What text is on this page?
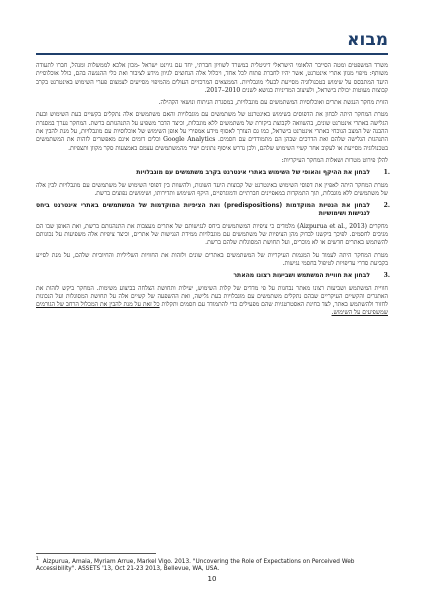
מבוא

משרד המשפטים ומטה הסייבר הלאומי הישראלי דיגיטלית במשרד לשוויון חברתי, יחד עם גיוינט ישראל -מכון אלכא לממשלות ומנהל, חברו לתעודה משותף: מיפוי מגוון אתרי אינטרנט, אשר יהיו לחברת פתוח לכל אחד, ויכלול אלה הנחוצים לגיוון מידע לציבור ואת כלי ההנגשה בהם, כולל אוכלוסיית היעד המתבסס על שימוש בטכנולוגיה מסייעת לבעלי מוגבלויות. הממצאים המרכזיים העולים מהמיפוי מסייעים לצמצום פערי השימוש באינטרנט בקרב קבוצות מעוטות יכולת בישראל, ולעיצוב המדיניות בנושא לשנים 2010–2017.

הזוית מחקר הנגשת אתרים ואוכלוסיות המשתמשים עם מוגבלויות, במסגרת הניתוח ונושאי הקהילה.

מטרת המחקר היתה לבחון את הדפוסים בשימוש באינטרנט של משתמשים עם מוגבלויות והאם משתמשים אלה נתקלים בקשיים בעת השימוש ובעת הגלישה באתרי אינטרנט שונים, בהשוואה לקבוצת ביקורת של משתמשים ללא מוגבלות, וכיצד הדבר משפיע על התנהגותם ברשת. המחקר נערך במסגרת ההבנה של המצב הנוכחי באתרי אינטרנט בישראל, כמו גם הצורך לאסוף מידע אמפירי על אופן השימוש של אוכלוסיות עם מוגבלויות, על מנת להבין את התנהגות הגלישה שלהם ואת הדרכים שבהן הם מתמודדים עם חסמים. Google Analytics וכלים דומים אינם מאפשרים לזהות את המשתמשים בטכנולוגיה מסייעת או לעקוב אחר קשיי השימוש שלהם, ולכן נדרש איסוף נתונים ישיר מהמשתמשים עצמם באמצעות סקר מקוון ותצפיות.

להלן פירוט מטרות ושאלות המחקר העיקריות:

.1

לבחון את ההיקף והאופי של השימוש באתרי אינטרנט בקרב משתמשים עם מוגבלויות

מטרת המחקר היתה לאפיין את דפוסי השימוש באינטרנט של קבוצות היעד השונות, ולהשוות בין דפוסי השימוש של משתמשים עם מוגבלויות לבין אלה של משתמשים ללא מוגבלות, תוך התמקדות במאפיינים חברתיים ודמוגרפיים, היקף השימוש ותדירותו, ושימושים נפוצים ברשת.

.2

לבחון את הנטיות המוקדמות (predispositions) ואת הציפיות המוקדמות של המשתמשים באתרי אינטרנט ביחס לנגישות ושימושיות

מחקרים (Aizpurua et al., 2013) מלמדים כי ציפיות המשתמשים ביחס לנגישותם של אתרים מעצבות את התנהגותם ברשת, ואת האופן שבו הם מגיבים לחסמים. לפיכך ביקשנו לבדוק מהן הציפיות של משתמשים עם מוגבלויות ממידת הנגישות של אתרים, וכיצד ציפיות אלה משפיעות על נכונותם להשתמש באתרים חדשים או לא מוכרים, ועל תחושת המסוגלות שלהם ברשת.

מטרת המחקר היתה לעמוד על המגמות העיקריות של המשתמשים באתרים שונים ולזהות את החוויות השליליות והחיוביות שלהם, על מנת לסייע בקביעת סדרי עדיפויות לטיפול בחסמי נגישות.

.3

לבחון את חוויית המשתמש ושביעות רצונו מהאתר

חוויית המשתמש ושביעות רצונו מאתר נבחנות על פי מדדים של קלות השימוש, יעילות ותחושת הצלחה בביצוע משימות. המחקר ביקש לזהות את האתגרים והקשיים העיקריים שבהם נתקלים משתמשים עם מוגבלויות בעת גלישה, ואת ההשפעה של קשיים אלה על תחושת המסוגלות ועל הנכונות לחזור ולהשתמש באתר, לצד בחינת האסטרטגיות שהם מפעילים כדי להתמודד עם חסמים ותקלות כל זאת על מנת להבין את המכלול הרחב של הגורמים שמשפיעים על השימוש.

$^1$ Aizpurua, Amaia, Myriam Arrue, Markel Vigo. 2013. "Uncovering the Role of Expectations on Perceived Web Accessibility". ASSETS '13, Oct 21-23 2013, Bellevue, WA, USA.
10
